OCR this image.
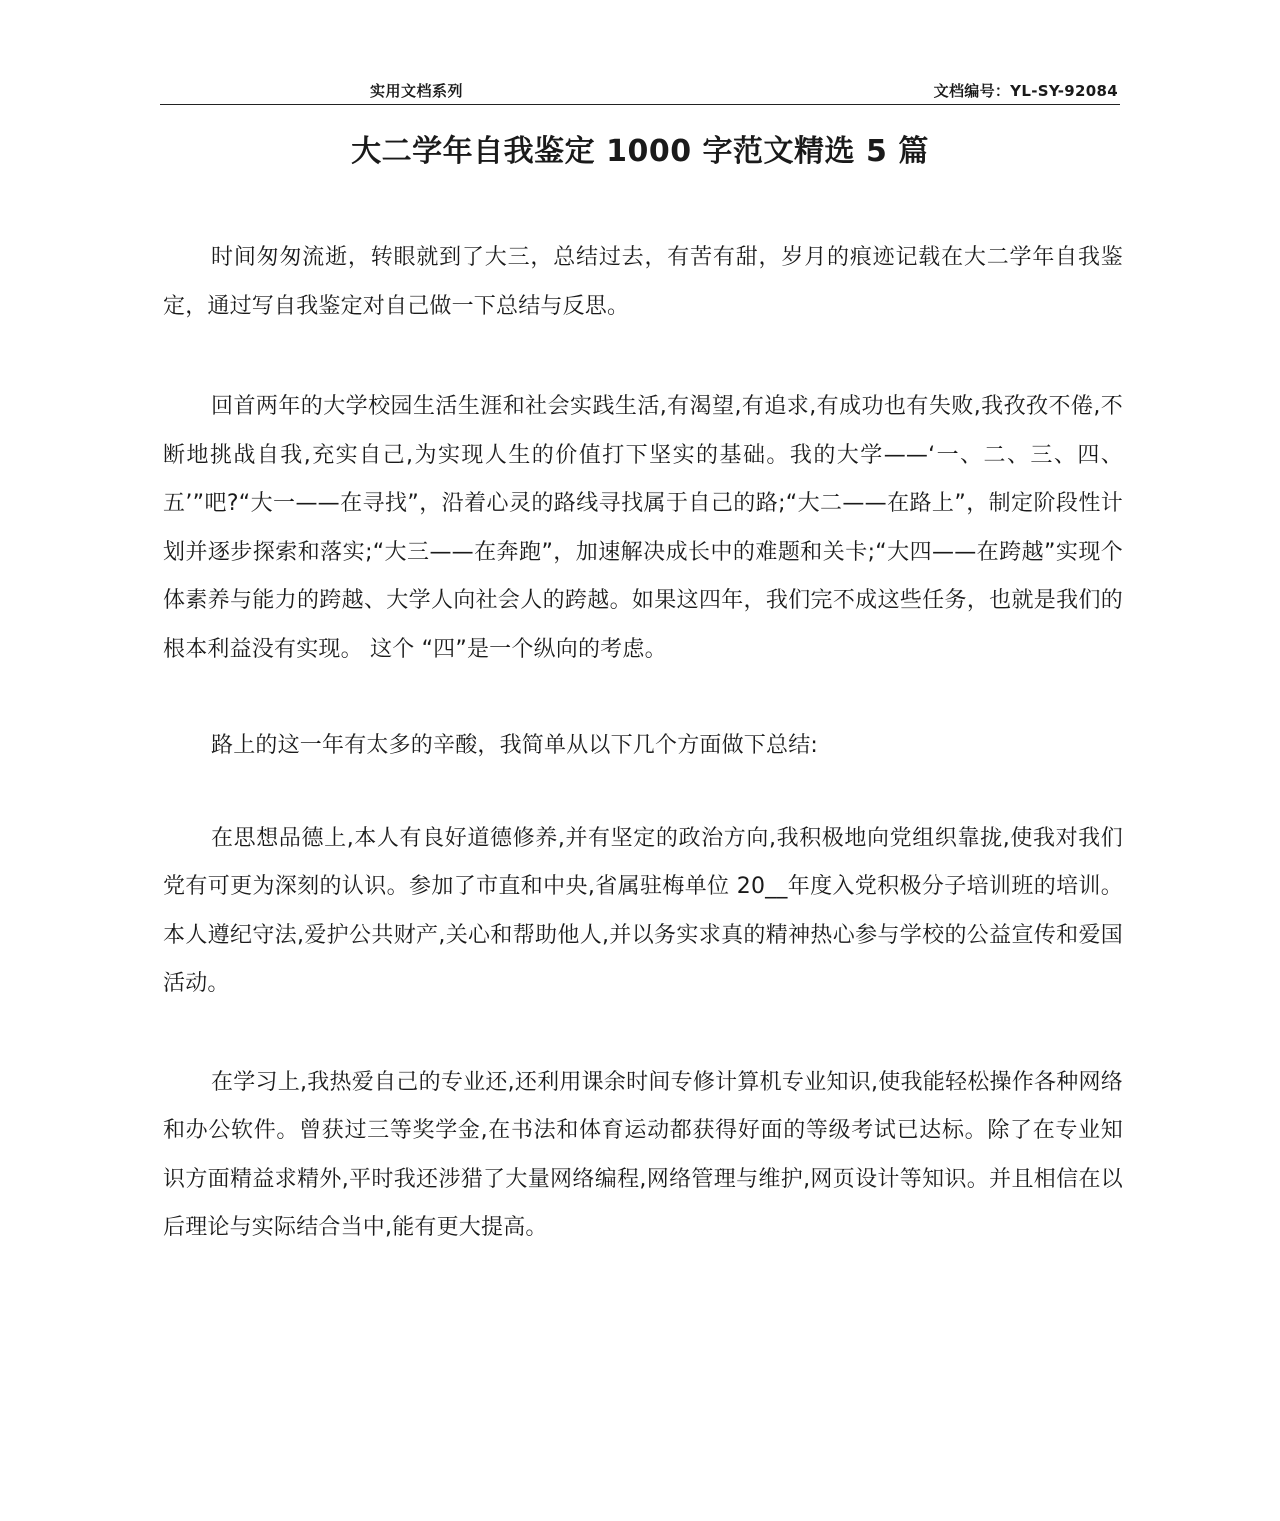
实用文档系列	文档编号：YL-SY-92084
大二学年自我鉴定 1000 字范文精选 5 篇

时间匆匆流逝，转眼就到了大三，总结过去，有苦有甜，岁月的痕迹记载在大二学年自我鉴定，通过写自我鉴定对自己做一下总结与反思。

回首两年的大学校园生活生涯和社会实践生活,有渴望,有追求,有成功也有失败,我孜孜不倦,不断地挑战自我,充实自己,为实现人生的价值打下坚实的基础。我的大学——‘一、二、三、四、五’”吧?“大一——在寻找”，沿着心灵的路线寻找属于自己的路;“大二——在路上”，制定阶段性计划并逐步探索和落实;“大三——在奔跑”，加速解决成长中的难题和关卡;“大四——在跨越”实现个体素养与能力的跨越、大学人向社会人的跨越。如果这四年，我们完不成这些任务，也就是我们的根本利益没有实现。 这个 “四”是一个纵向的考虑。

路上的这一年有太多的辛酸，我简单从以下几个方面做下总结:

在思想品德上,本人有良好道德修养,并有坚定的政治方向,我积极地向党组织靠拢,使我对我们党有可更为深刻的认识。参加了市直和中央,省属驻梅单位 20__年度入党积极分子培训班的培训。本人遵纪守法,爱护公共财产,关心和帮助他人,并以务实求真的精神热心参与学校的公益宣传和爱国活动。

在学习上,我热爱自己的专业还,还利用课余时间专修计算机专业知识,使我能轻松操作各种网络和办公软件。曾获过三等奖学金,在书法和体育运动都获得好面的等级考试已达标。除了在专业知识方面精益求精外,平时我还涉猎了大量网络编程,网络管理与维护,网页设计等知识。并且相信在以后理论与实际结合当中,能有更大提高。
